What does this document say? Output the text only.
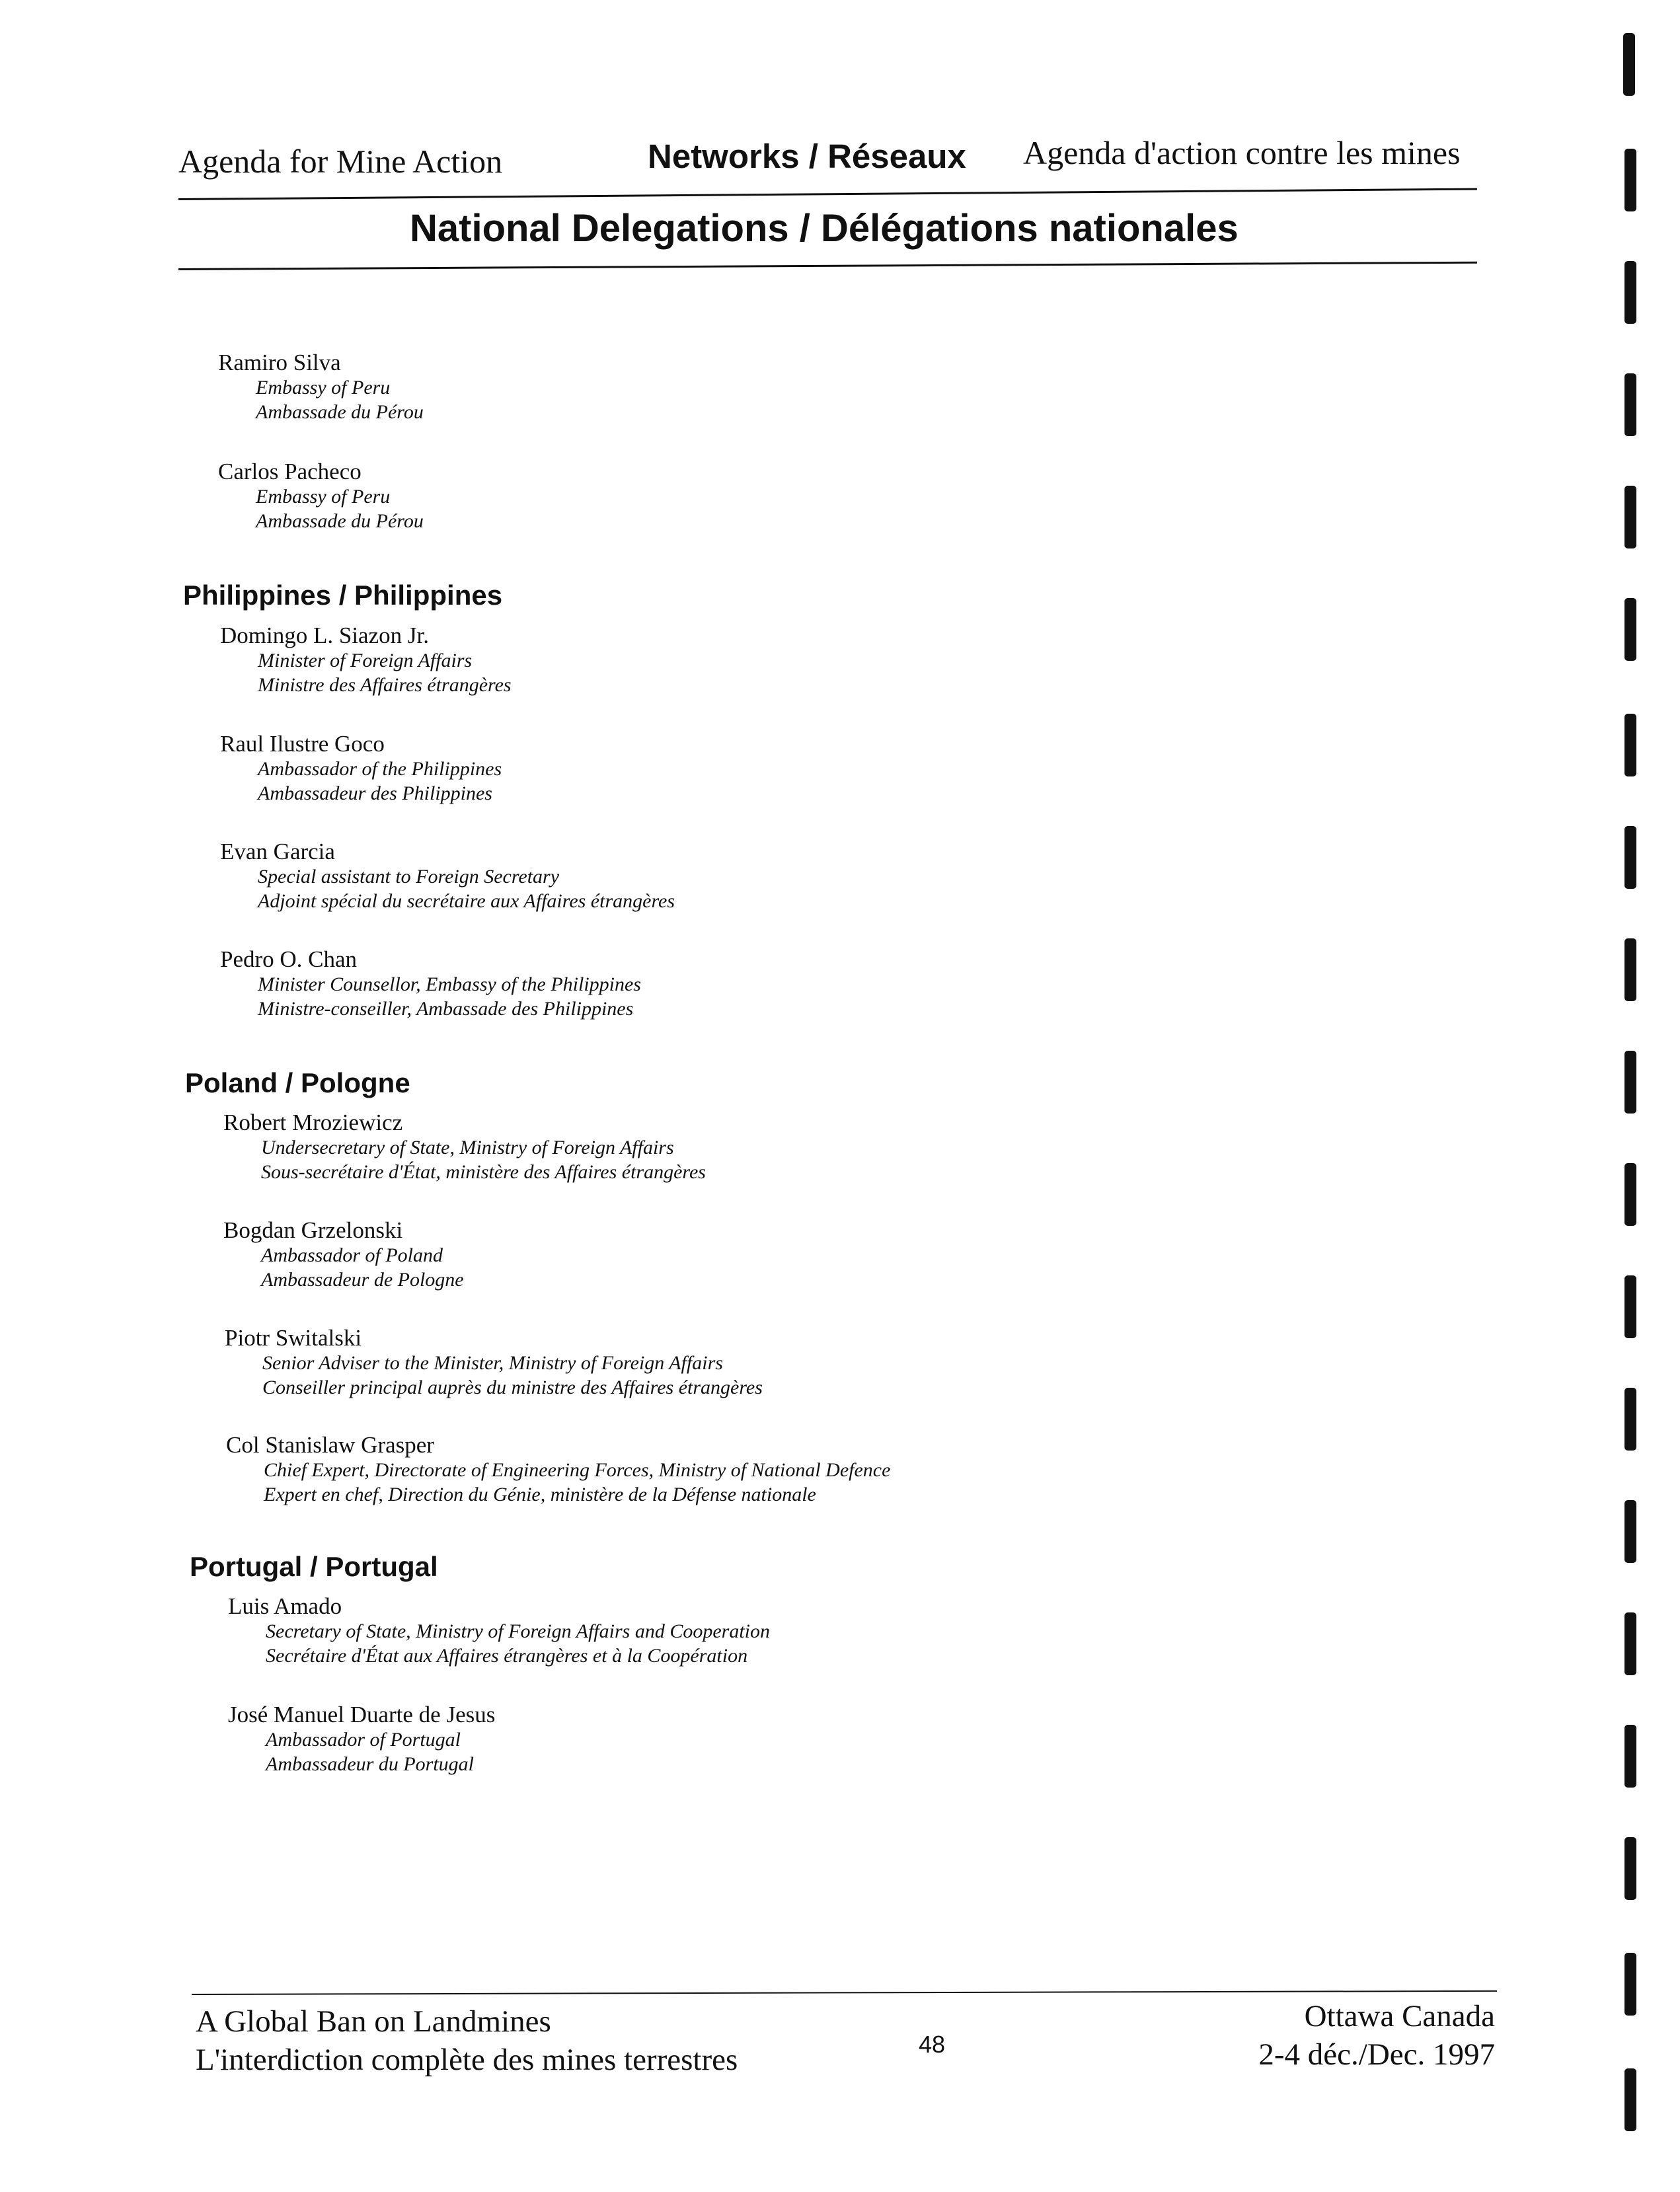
Agenda for Mine Action	Networks / Réseaux Agenda d'action contre les mines
National Delegations / Délégations nationales
Ramiro Silva
Embassy of Peru
Ambassade du Pérou
Carlos Pacheco
Embassy of Peru
Ambassade du Pérou
Philippines / Philippines
Domingo L. Siazon Jr.
Minister of Foreign Affairs
Ministre des Affaires étrangères
Raul Ilustre Goco
Ambassador of the Philippines
Ambassadeur des Philippines
Evan Garcia
Special assistant to Foreign Secretary
Adjoint spécial du secrétaire aux Affaires étrangères
Pedro O. Chan
Minister Counsellor, Embassy of the Philippines
Ministre-conseiller, Ambassade des Philippines
Poland / Pologne
Robert Mroziewicz
Undersecretary of State, Ministry of Foreign Affairs
Sous-secrétaire d'État, ministère des Affaires étrangères
Bogdan Grzelonski
Ambassador of Poland
Ambassadeur de Pologne
Piotr Switalski
Senior Adviser to the Minister, Ministry of Foreign Affairs
Conseiller principal auprès du ministre des Affaires étrangères
Col Stanislaw Grasper
Chief Expert, Directorate of Engineering Forces, Ministry of National Defence
Expert en chef, Direction du Génie, ministère de la Défense nationale
Portugal / Portugal
Luis Amado
Secretary of State, Ministry of Foreign Affairs and Cooperation
Secrétaire d'État aux Affaires étrangères et à la Coopération
José Manuel Duarte de Jesus
Ambassador of Portugal
Ambassadeur du Portugal
A Global Ban on Landmines
L'interdiction complète des mines terrestres	48
Ottawa Canada
2-4 déc./Dec. 1997
